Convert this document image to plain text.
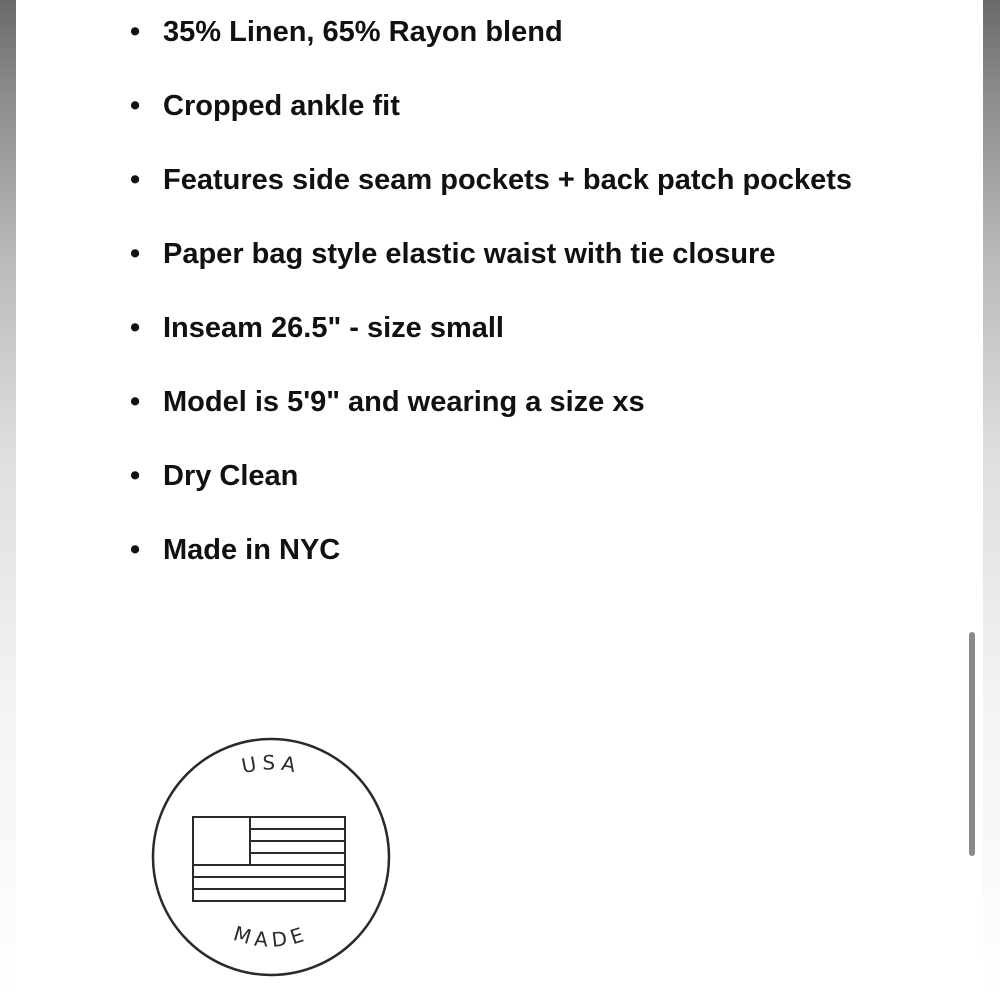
• 35% Linen, 65% Rayon blend
• Cropped ankle fit
• Features side seam pockets + back patch pockets
• Paper bag style elastic waist with tie closure
• Inseam 26.5" - size small
• Model is 5'9" and wearing a size xs
• Dry Clean
• Made in NYC
USA
MADE
